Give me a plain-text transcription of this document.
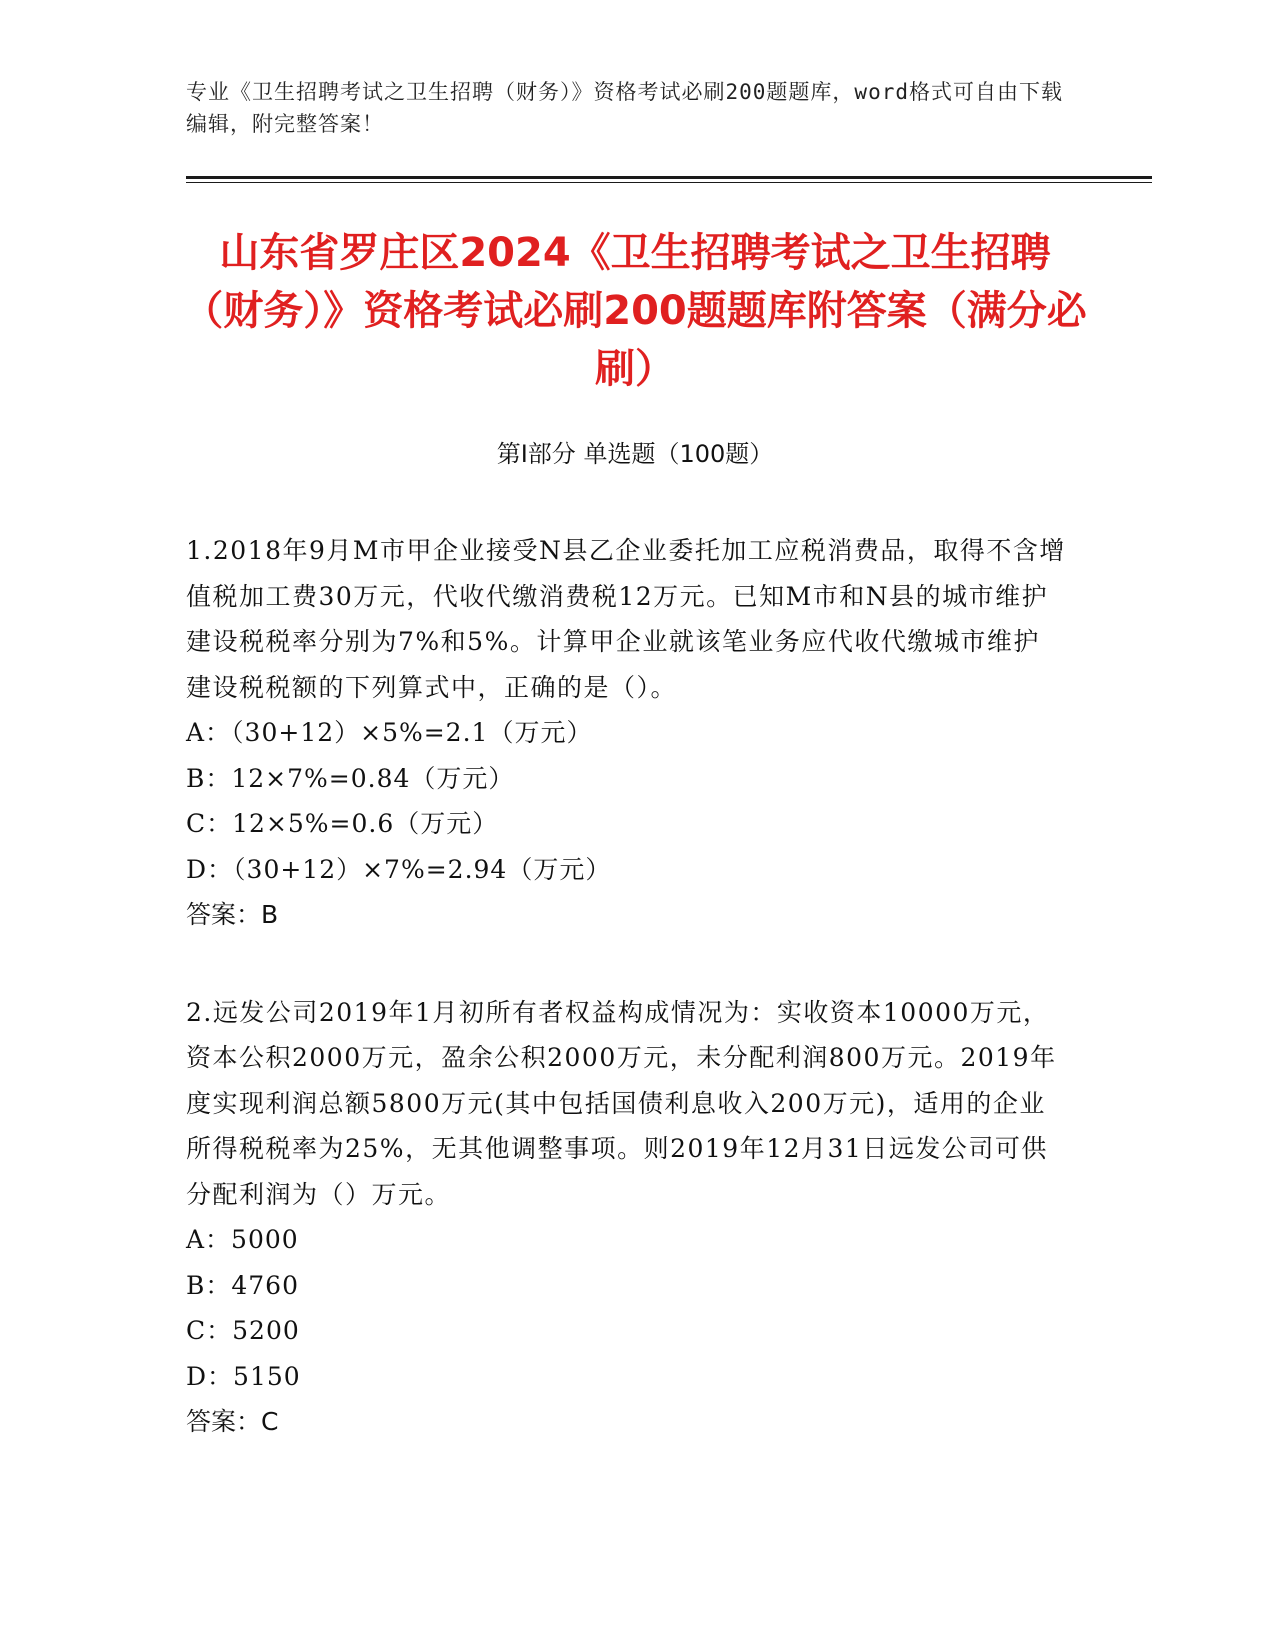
专业《卫生招聘考试之卫生招聘（财务）》资格考试必刷200题题库，word格式可自由下载编辑，附完整答案！
山东省罗庄区2024《卫生招聘考试之卫生招聘（财务）》资格考试必刷200题题库附答案（满分必刷）
第Ⅰ部分 单选题（100题）

1.2018年9月M市甲企业接受N县乙企业委托加工应税消费品，取得不含增值税加工费30万元，代收代缴消费税12万元。已知M市和N县的城市维护建设税税率分别为7%和5%。计算甲企业就该笔业务应代收代缴城市维护建设税税额的下列算式中，正确的是（）。

A：（30+12）×5%=2.1（万元）
B：12×7%=0.84（万元）
C：12×5%=0.6（万元）
D：（30+12）×7%=2.94（万元）
答案：B

2.远发公司2019年1月初所有者权益构成情况为：实收资本10000万元，资本公积2000万元，盈余公积2000万元，未分配利润800万元。2019年度实现利润总额5800万元(其中包括国债利息收入200万元)，适用的企业所得税税率为25%，无其他调整事项。则2019年12月31日远发公司可供分配利润为（）万元。

A：5000
B：4760
C：5200
D：5150
答案：C
